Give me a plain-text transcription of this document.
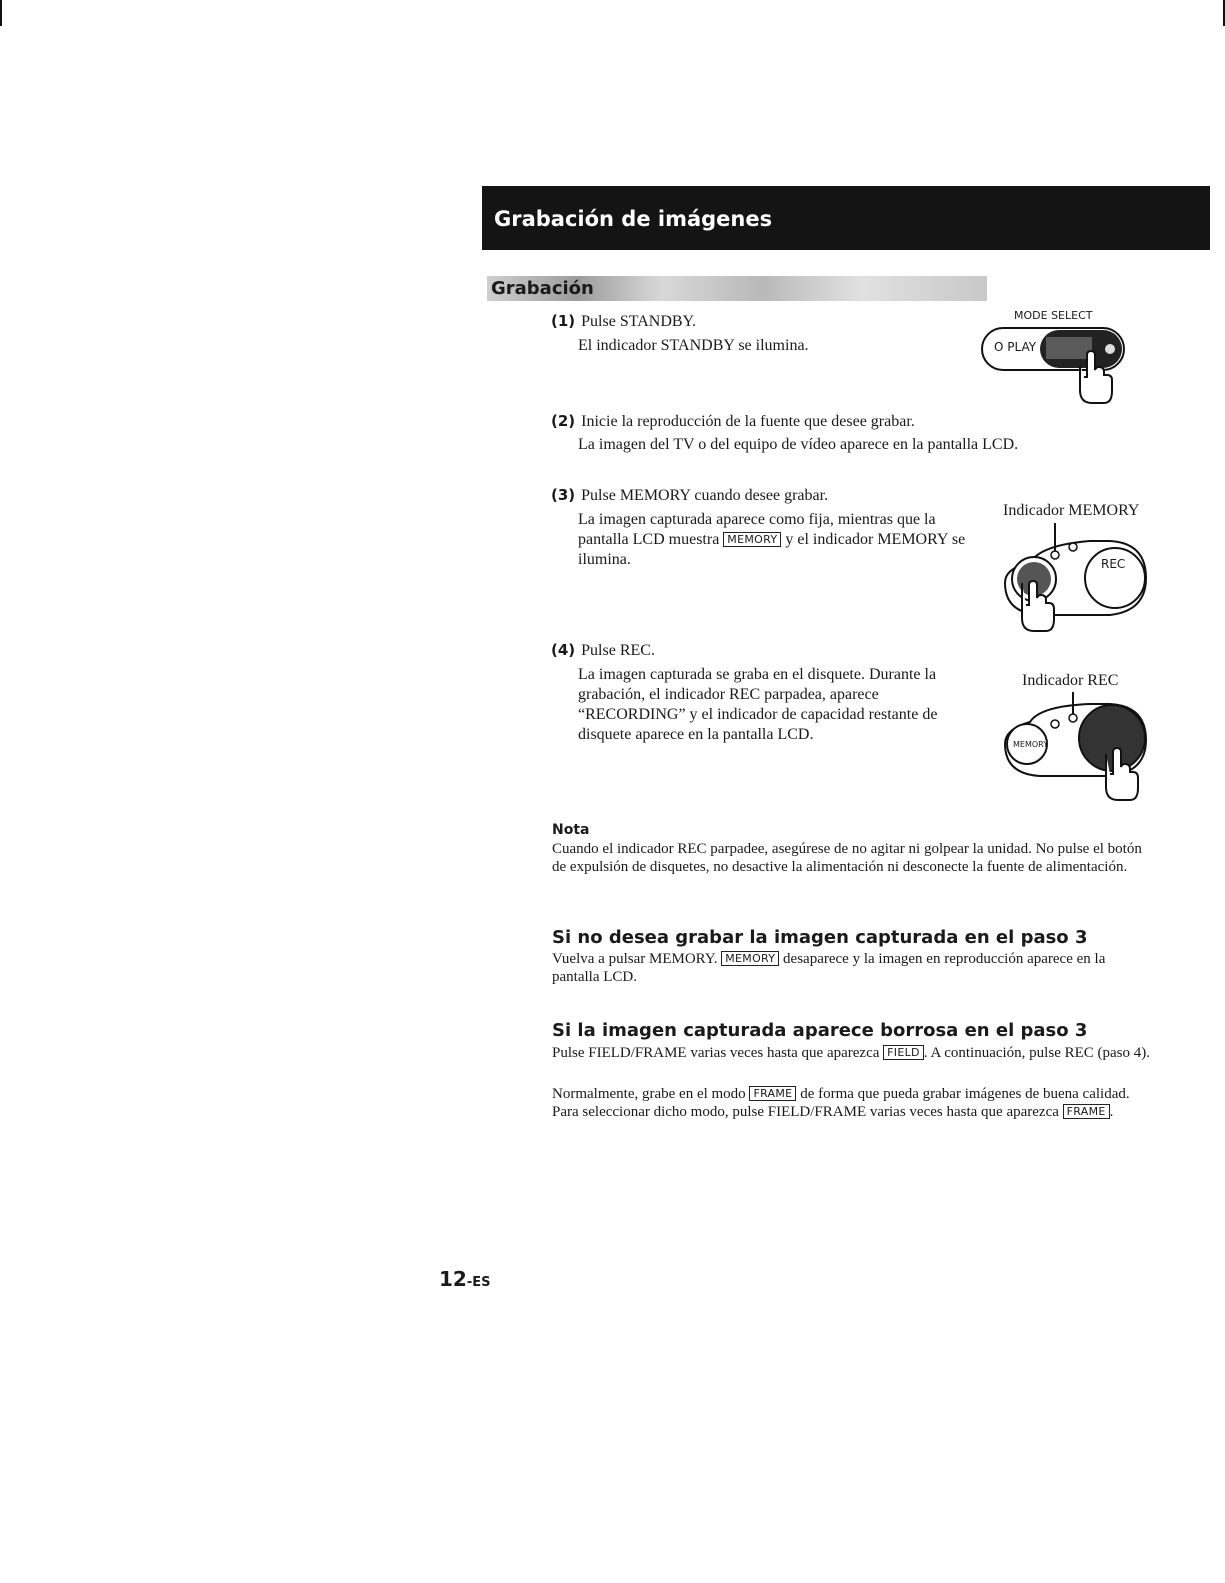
Grabación de imágenes
Grabación
(1) Pulse STANDBY.
El indicador STANDBY se ilumina.
MODE SELECT
O PLAY
(2) Inicie la reproducción de la fuente que desee grabar.
La imagen del TV o del equipo de vídeo aparece en la pantalla LCD.
(3) Pulse MEMORY cuando desee grabar.
La imagen capturada aparece como fija, mientras que la pantalla LCD muestra MEMORY y el indicador MEMORY se ilumina.
Indicador MEMORY
REC
(4) Pulse REC.
La imagen capturada se graba en el disquete. Durante la grabación, el indicador REC parpadea, aparece “RECORDING” y el indicador de capacidad restante de disquete aparece en la pantalla LCD.
Indicador REC
MEMORY
Nota
Cuando el indicador REC parpadee, asegúrese de no agitar ni golpear la unidad. No pulse el botón de expulsión de disquetes, no desactive la alimentación ni desconecte la fuente de alimentación.
Si no desea grabar la imagen capturada en el paso 3
Vuelva a pulsar MEMORY. MEMORY desaparece y la imagen en reproducción aparece en la pantalla LCD.
Si la imagen capturada aparece borrosa en el paso 3
Pulse FIELD/FRAME varias veces hasta que aparezca FIELD . A continuación, pulse REC (paso 4).
Normalmente, grabe en el modo FRAME de forma que pueda grabar imágenes de buena calidad. Para seleccionar dicho modo, pulse FIELD/FRAME varias veces hasta que aparezca FRAME .
12-ES
